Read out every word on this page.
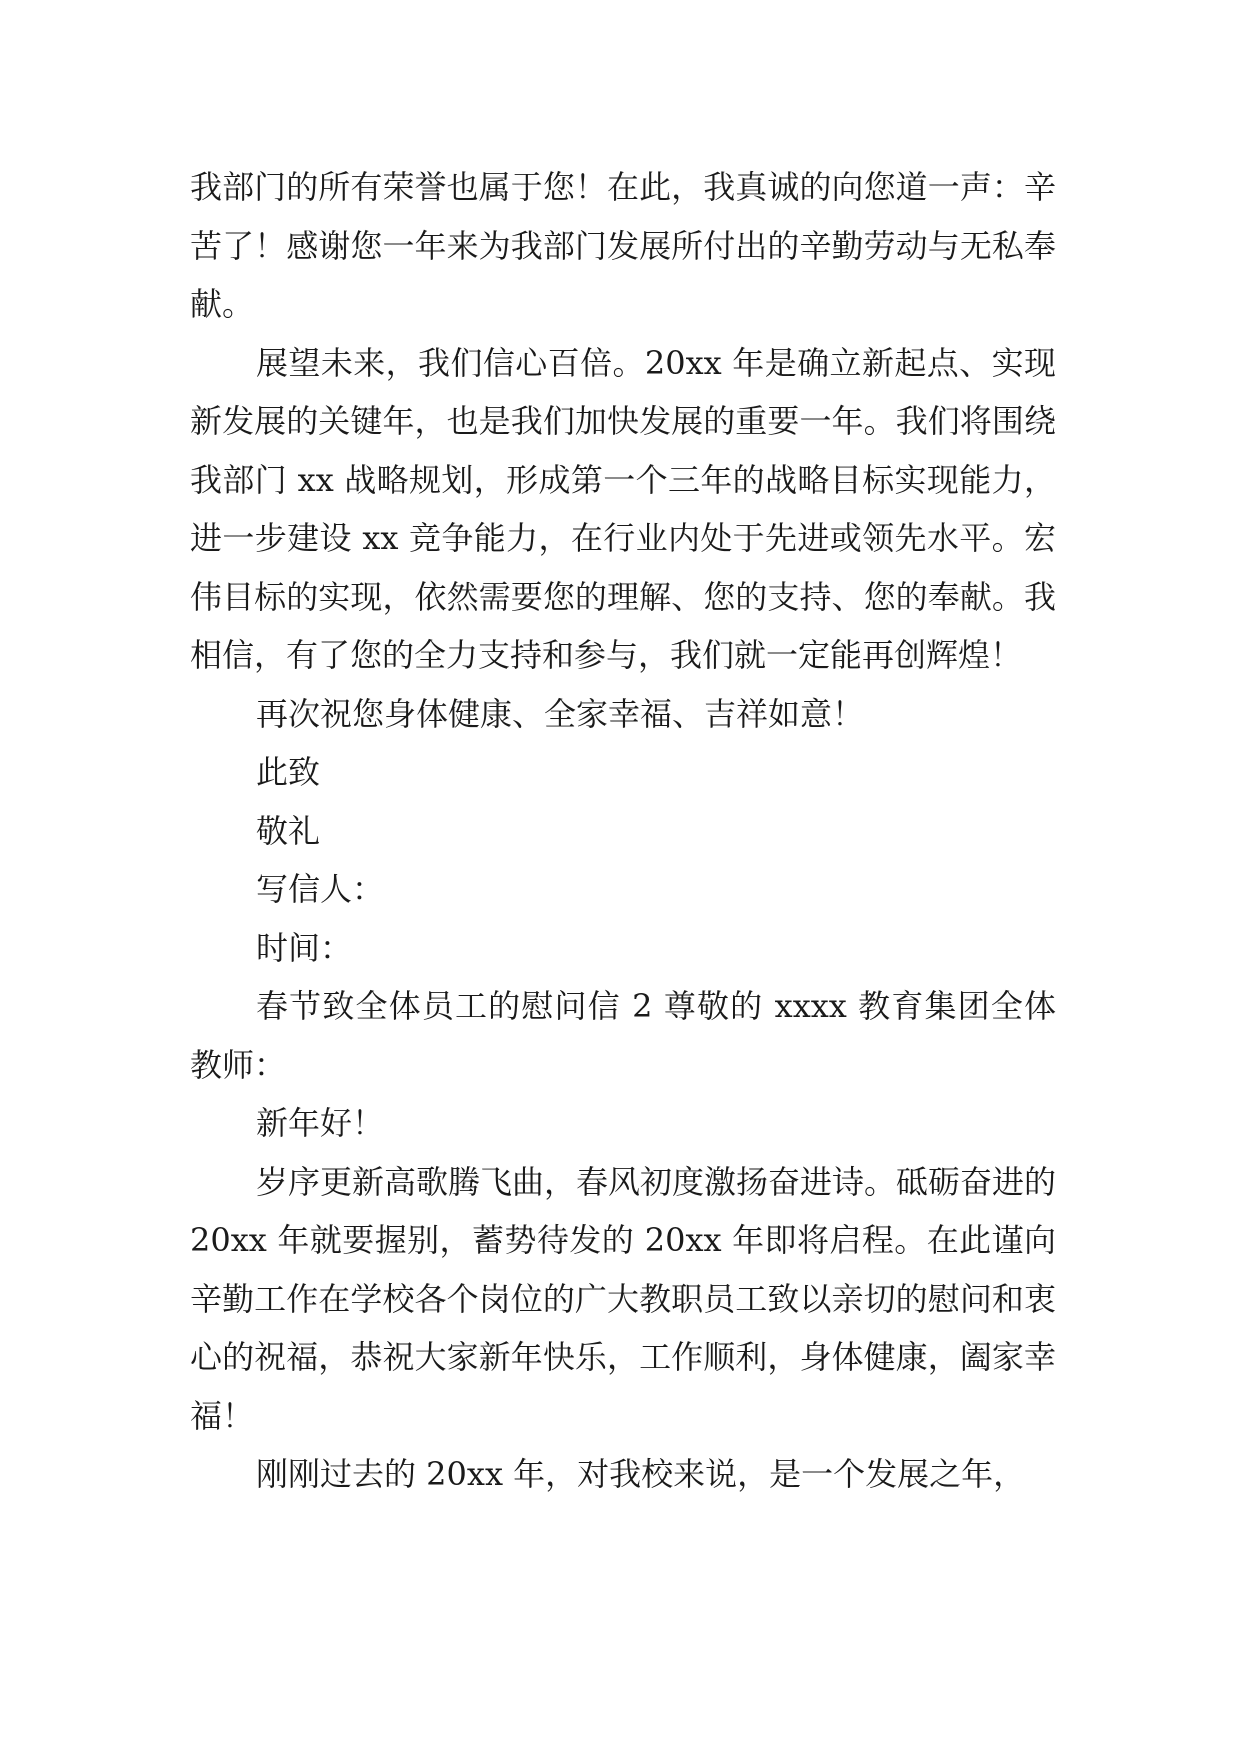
我部门的所有荣誉也属于您！在此，我真诚的向您道一声：辛苦了！感谢您一年来为我部门发展所付出的辛勤劳动与无私奉献。

展望未来，我们信心百倍。20xx 年是确立新起点、实现新发展的关键年，也是我们加快发展的重要一年。我们将围绕我部门 xx 战略规划，形成第一个三年的战略目标实现能力，进一步建设 xx 竞争能力，在行业内处于先进或领先水平。宏伟目标的实现，依然需要您的理解、您的支持、您的奉献。我相信，有了您的全力支持和参与，我们就一定能再创辉煌！

再次祝您身体健康、全家幸福、吉祥如意！

此致

敬礼

写信人：

时间：

春节致全体员工的慰问信 2 尊敬的 xxxx 教育集团全体教师：

新年好！

岁序更新高歌腾飞曲，春风初度激扬奋进诗。砥砺奋进的 20xx 年就要握别，蓄势待发的 20xx 年即将启程。在此谨向辛勤工作在学校各个岗位的广大教职员工致以亲切的慰问和衷心的祝福，恭祝大家新年快乐，工作顺利，身体健康，阖家幸福！

刚刚过去的 20xx 年，对我校来说，是一个发展之年，
